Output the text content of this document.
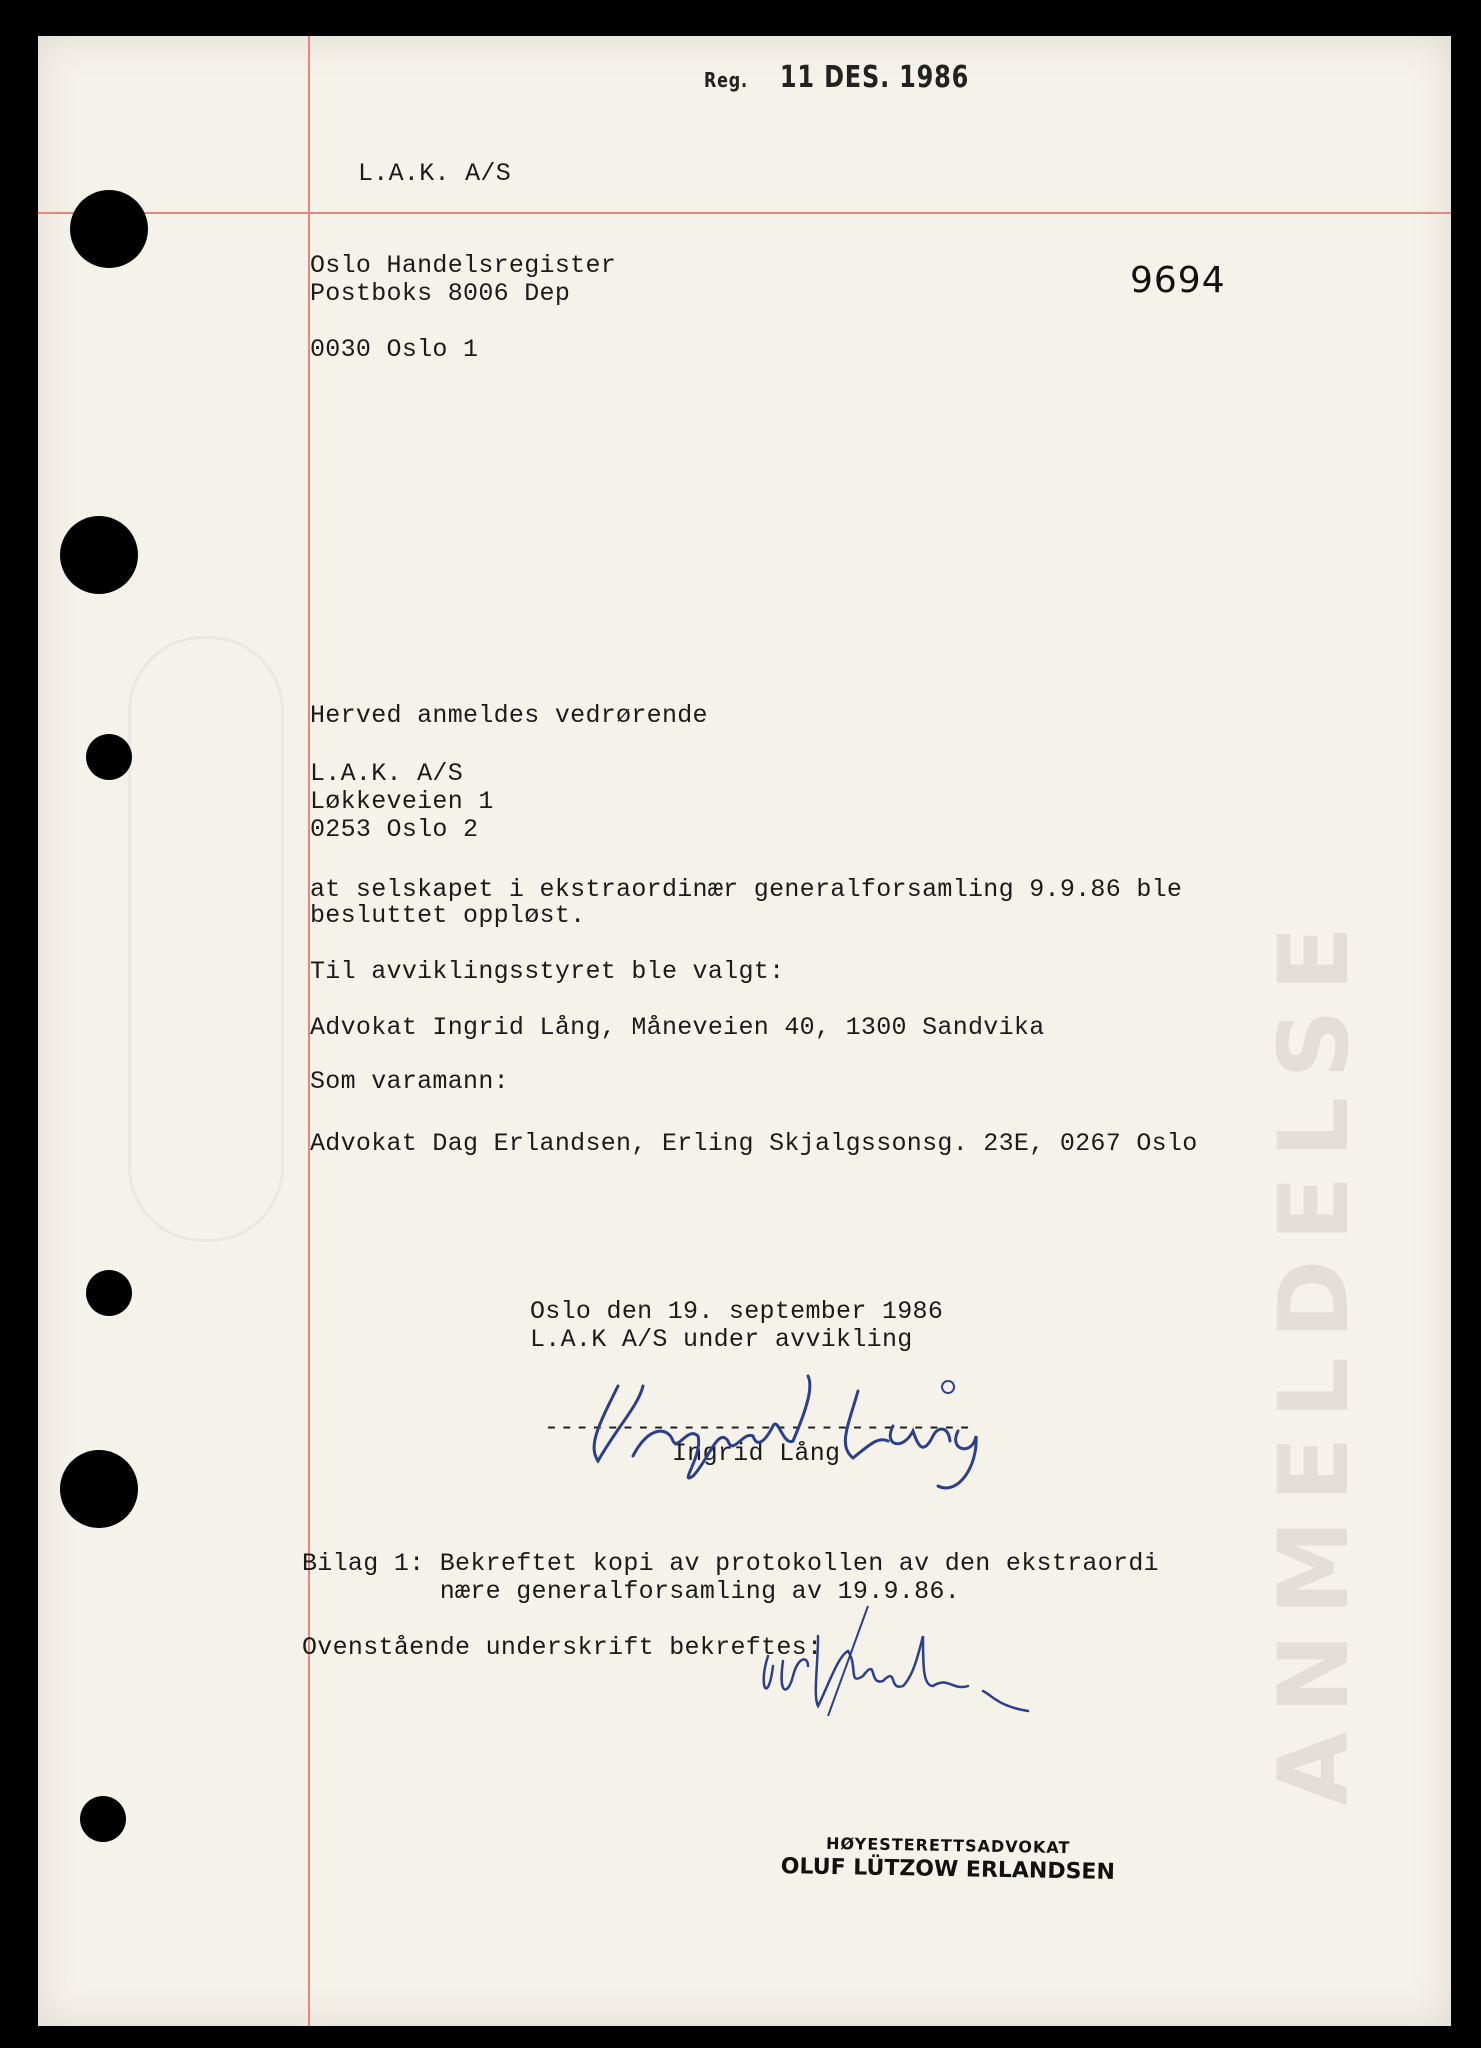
ANMELDELSE
L.A.K. A/S
Oslo Handelsregister
Postboks 8006 Dep
0030 Oslo 1
Herved anmeldes vedrørende
L.A.K. A/S
Løkkeveien 1
0253 Oslo 2
at selskapet i ekstraordinær generalforsamling 9.9.86 ble
besluttet oppløst.
Til avviklingsstyret ble valgt:
Advokat Ingrid Lång, Måneveien 40, 1300 Sandvika
Som varamann:
Advokat Dag Erlandsen, Erling Skjalgssonsg. 23E, 0267 Oslo
Oslo den 19. september 1986
L.A.K A/S under avvikling
----------------------------
Ingrid Lång
Bilag 1: Bekreftet kopi av protokollen av den ekstraordi
nære generalforsamling av 19.9.86.
Ovenstående underskrift bekreftes:
9694
HØYESTERETTSADVOKAT
OLUF LÜTZOW ERLANDSEN
Reg. 11 DES. 1986
